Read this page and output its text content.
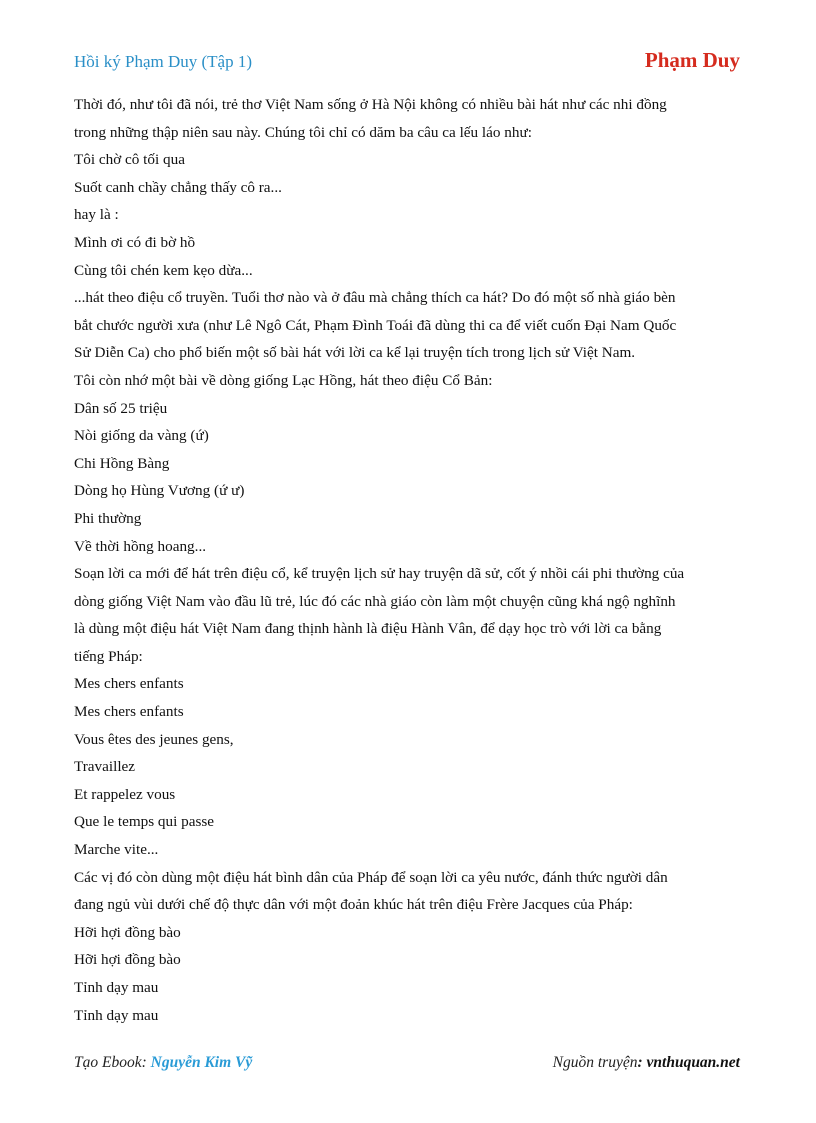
Hồi ký Phạm Duy (Tập 1)	Phạm Duy
Thời đó, như tôi đã nói, trẻ thơ Việt Nam sống ở Hà Nội không có nhiều bài hát như các nhi đồng
trong những thập niên sau này. Chúng tôi chỉ có dăm ba câu ca lếu láo như:
Tôi chờ cô tối qua
Suốt canh chầy chẳng thấy cô ra...
hay là :
Mình ơi có đi bờ hồ
Cùng tôi chén kem kẹo dừa...
...hát theo điệu cổ truyền. Tuổi thơ nào và ở đâu mà chẳng thích ca hát? Do đó một số nhà giáo bèn
bắt chước người xưa (như Lê Ngô Cát, Phạm Đình Toái đã dùng thi ca để viết cuốn Đại Nam Quốc
Sử Diễn Ca) cho phổ biến một số bài hát với lời ca kể lại truyện tích trong lịch sử Việt Nam.
Tôi còn nhớ một bài về dòng giống Lạc Hồng, hát theo điệu Cổ Bản:
Dân số 25 triệu
Nòi giống da vàng (ứ)
Chi Hồng Bàng
Dòng họ Hùng Vương (ứ ư)
Phi thường
Về thời hồng hoang...
Soạn lời ca mới để hát trên điệu cổ, kể truyện lịch sử hay truyện dã sử, cốt ý nhồi cái phi thường của
dòng giống Việt Nam vào đầu lũ trẻ, lúc đó các nhà giáo còn làm một chuyện cũng khá ngộ nghĩnh
là dùng một điệu hát Việt Nam đang thịnh hành là điệu Hành Vân, để dạy học trò với lời ca bằng
tiếng Pháp:
Mes chers enfants
Mes chers enfants
Vous êtes des jeunes gens,
Travaillez
Et rappelez vous
Que le temps qui passe
Marche vite...
Các vị đó còn dùng một điệu hát bình dân của Pháp để soạn lời ca yêu nước, đánh thức người dân
đang ngủ vùi dưới chế độ thực dân với một đoản khúc hát trên điệu Frère Jacques của Pháp:
Hỡi hợi đồng bào
Hỡi hợi đồng bào
Tỉnh dạy mau
Tỉnh dạy mau
Tạo Ebook: Nguyễn Kim Vỹ	Nguồn truyện: vnthuquan.net
